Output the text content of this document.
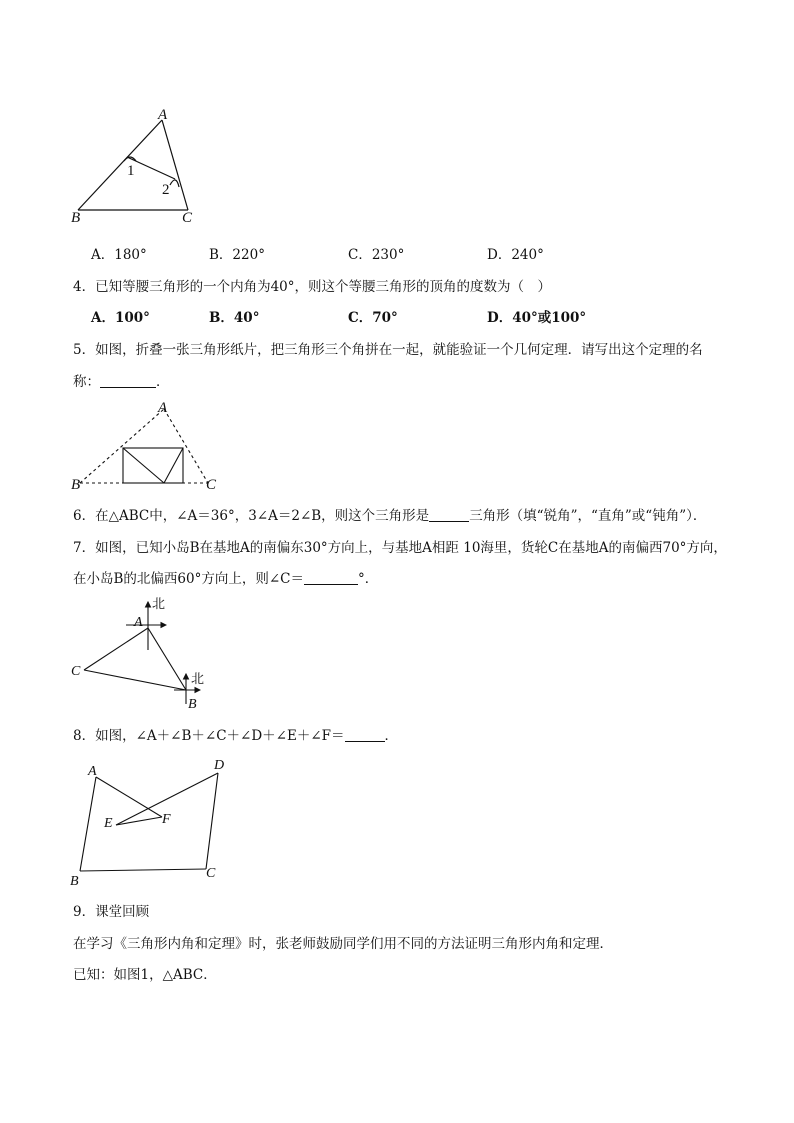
A
B	C
1
2
A．180°	B．220°	C．230°	D．240°
4．已知等腰三角形的一个内角为40°，则这个等腰三角形的顶角的度数为（　）
A．100°	B．40°	C．70°	D．40°或100°
5．如图，折叠一张三角形纸片，把三角形三个角拼在一起，就能验证一个几何定理．请写出这个定理的名
称：	．
A
B	C
6．在△ABC中，∠A＝36°，3∠A＝2∠B，则这个三角形是	三角形（填“锐角”，“直角”或“钝角”）．
7．如图，已知小岛B在基地A的南偏东30°方向上，与基地A相距 10海里，货轮C在基地A的南偏西70°方向，
在小岛B的北偏西60°方向上，则∠C＝	°．
北
北
A
B
C
8．如图，∠A＋∠B＋∠C＋∠D＋∠E＋∠F＝	．
A
B
C
D
E	F
9．课堂回顾
在学习《三角形内角和定理》时，张老师鼓励同学们用不同的方法证明三角形内角和定理．
已知：如图1，△ABC．
